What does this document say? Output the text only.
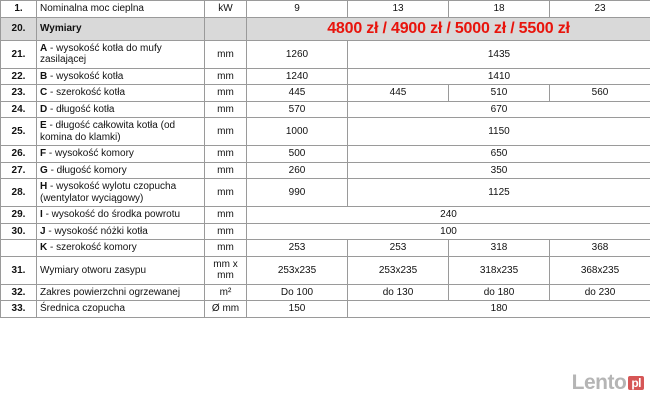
1.	Nominalna moc cieplna	kW	9	13	18	23
20.	Wymiary		4800 zł / 4900 zł / 5000 zł / 5500 zł			
21.	A - wysokość kotła do mufy zasilającej	mm	1260	1435		
22.	B - wysokość kotła	mm	1240	1410		
23.	C - szerokość kotła	mm	445	445	510	560
24.	D - długość kotła	mm	570	670		
25.	E - długość całkowita kotła (od komina do klamki)	mm	1000	1150		
26.	F - wysokość komory	mm	500	650		
27.	G - długość komory	mm	260	350		
28.	H - wysokość wylotu czopucha (wentylator wyciągowy)	mm	990	1125		
29.	I - wysokość do środka powrotu	mm	240			
30.	J - wysokość nóżki kotła	mm	100			
	K - szerokość komory	mm	253	253	318	368
31.	Wymiary otworu zasypu	mm x mm	253x235	253x235	318x235	368x235
32.	Zakres powierzchni ogrzewanej	m²	Do 100	do 130	do 180	do 230
33.	Średnica czopucha	Ø mm	150	180		
Lento pl
